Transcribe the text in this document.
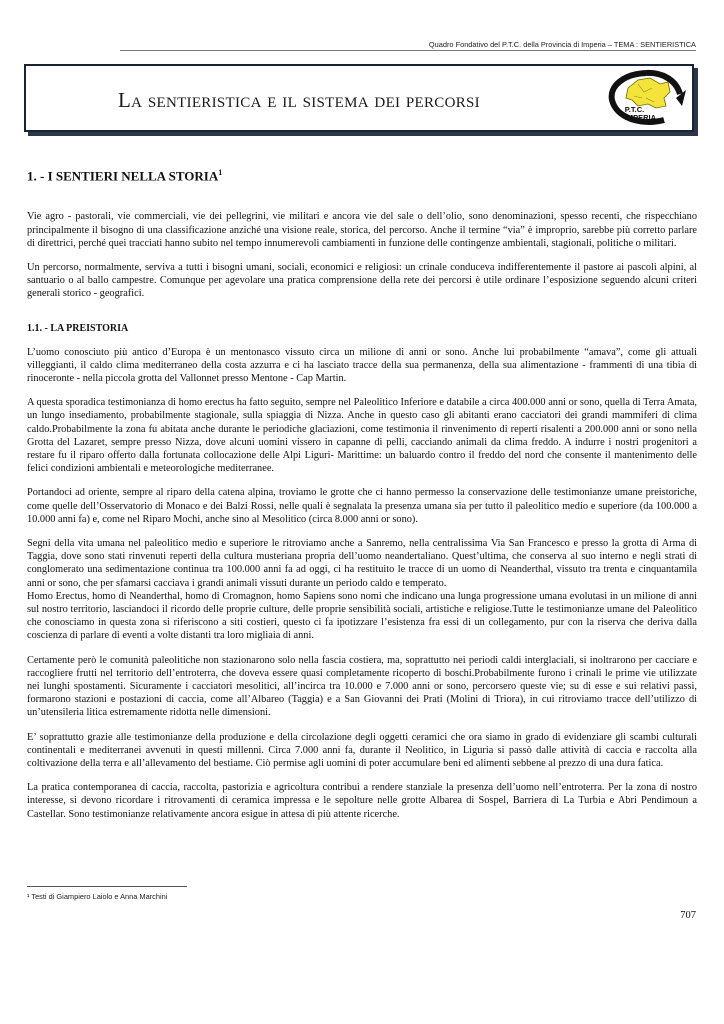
Quadro Fondativo del P.T.C. della Provincia di Imperia – TEMA : SENTIERISTICA
La sentieristica e il sistema dei percorsi	P.T.C.
IMPERIA
1. - I SENTIERI NELLA STORIA$^1$

Vie agro - pastorali, vie commerciali, vie dei pellegrini, vie militari e ancora vie del sale o dell’olio, sono denominazioni, spesso recenti, che rispecchiano principalmente il bisogno di una classificazione anziché una visione reale, storica, del percorso. Anche il termine “via” è improprio, sarebbe più corretto parlare di direttrici, perché quei tracciati hanno subito nel tempo innumerevoli cambiamenti in funzione delle contingenze ambientali, stagionali, politiche o militari.

Un percorso, normalmente, serviva a tutti i bisogni umani, sociali, economici e religiosi: un crinale conduceva indifferentemente il pastore ai pascoli alpini, al santuario o al ballo campestre. Comunque per agevolare una pratica comprensione della rete dei percorsi è utile ordinare l’esposizione seguendo alcuni criteri generali storico - geografici.

1.1. - LA PREISTORIA

L’uomo conosciuto più antico d’Europa è un mentonasco vissuto circa un milione di anni or sono. Anche lui probabilmente “amava”, come gli attuali villeggianti, il caldo clima mediterraneo della costa azzurra e ci ha lasciato tracce della sua permanenza, della sua alimentazione - frammenti di una tibia di rinoceronte - nella piccola grotta del Vallonnet presso Mentone - Cap Martin.

A questa sporadica testimonianza di homo erectus ha fatto seguito, sempre nel Paleolitico Inferiore e databile a circa 400.000 anni or sono, quella di Terra Amata, un lungo insediamento, probabilmente stagionale, sulla spiaggia di Nizza. Anche in questo caso gli abitanti erano cacciatori dei grandi mammiferi di clima caldo.Probabilmente la zona fu abitata anche durante le periodiche glaciazioni, come testimonia il rinvenimento di reperti risalenti a 200.000 anni or sono nella Grotta del Lazaret, sempre presso Nizza, dove alcuni uomini vissero in capanne di pelli, cacciando animali da clima freddo. A indurre i nostri progenitori a restare fu il riparo offerto dalla fortunata collocazione delle Alpi Liguri- Marittime: un baluardo contro il freddo del nord che consente il mantenimento delle felici condizioni ambientali e meteorologiche mediterranee.

Portandoci ad oriente, sempre al riparo della catena alpina, troviamo le grotte che ci hanno permesso la conservazione delle testimonianze umane preistoriche, come quelle dell’Osservatorio di Monaco e dei Balzi Rossi, nelle quali è segnalata la presenza umana sia per tutto il paleolitico medio e superiore (da 100.000 a 10.000 anni fa) e, come nel Riparo Mochi, anche sino al Mesolitico (circa 8.000 anni or sono).

Segni della vita umana nel paleolitico medio e superiore le ritroviamo anche a Sanremo, nella centralissima Via San Francesco e presso la grotta di Arma di Taggia, dove sono stati rinvenuti reperti della cultura musteriana propria dell’uomo neandertaliano. Quest’ultima, che conserva al suo interno e negli strati di conglomerato una sedimentazione continua tra 100.000 anni fa ad oggi, ci ha restituito le tracce di un uomo di Neanderthal, vissuto tra trenta e cinquantamila anni or sono, che per sfamarsi cacciava i grandi animali vissuti durante un periodo caldo e temperato.

Homo Erectus, homo di Neanderthal, homo di Cromagnon, homo Sapiens sono nomi che indicano una lunga progressione umana evolutasi in un milione di anni sul nostro territorio, lasciandoci il ricordo delle proprie culture, delle proprie sensibilità sociali, artistiche e religiose.Tutte le testimonianze umane del Paleolitico che conosciamo in questa zona si riferiscono a siti costieri, questo ci fa ipotizzare l’esistenza fra essi di un collegamento, pur con la riserva che deriva dalla coscienza di parlare di eventi a volte distanti tra loro migliaia di anni.

Certamente però le comunità paleolitiche non stazionarono solo nella fascia costiera, ma, soprattutto nei periodi caldi interglaciali, si inoltrarono per cacciare e raccogliere frutti nel territorio dell’entroterra, che doveva essere quasi completamente ricoperto di boschi.Probabilmente furono i crinali le prime vie utilizzate nei lunghi spostamenti. Sicuramente i cacciatori mesolitici, all’incirca tra 10.000 e 7.000 anni or sono, percorsero queste vie; su di esse e sui relativi passi, formarono stazioni e postazioni di caccia, come all’Albareo (Taggia) e a San Giovanni dei Prati (Molini di Triora), in cui ritroviamo tracce dell’utilizzo di un’utensileria litica estremamente ridotta nelle dimensioni.

E’ soprattutto grazie alle testimonianze della produzione e della circolazione degli oggetti ceramici che ora siamo in grado di evidenziare gli scambi culturali continentali e mediterranei avvenuti in questi millenni. Circa 7.000 anni fa, durante il Neolitico, in Liguria si passò dalle attività di caccia e raccolta alla coltivazione della terra e all’allevamento del bestiame. Ciò permise agli uomini di poter accumulare beni ed alimenti sebbene al prezzo di una dura fatica.

La pratica contemporanea di caccia, raccolta, pastorizia e agricoltura contribuì a rendere stanziale la presenza dell’uomo nell’entroterra. Per la zona di nostro interesse, si devono ricordare i ritrovamenti di ceramica impressa e le sepolture nelle grotte Albarea di Sospel, Barriera di La Turbia e Abri Pendimoun a Castellar. Sono testimonianze relativamente ancora esigue in attesa di più attente ricerche.

¹ Testi di Giampiero Laiolo e Anna Marchini
707
